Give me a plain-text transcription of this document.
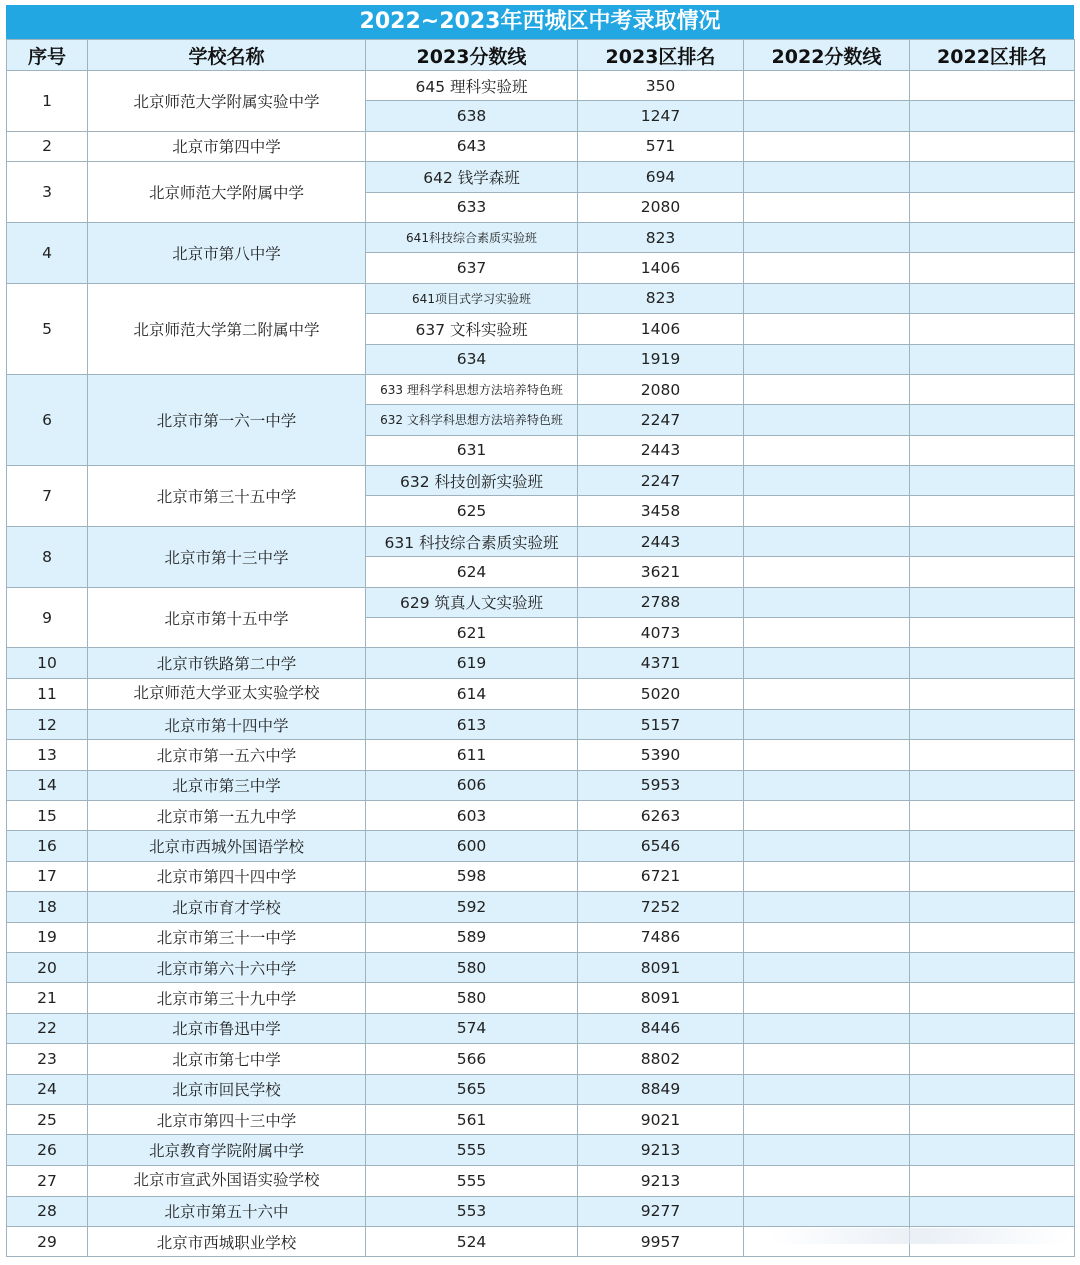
2022~2023年西城区中考录取情况
序号	学校名称	2023分数线	2023区排名	2022分数线	2022区排名
1	北京师范大学附属实验中学	645 理科实验班	350		
		638	1247		
2	北京市第四中学	643	571		
3	北京师范大学附属中学	642 钱学森班	694		
		633	2080		
4	北京市第八中学	641科技综合素质实验班	823		
		637	1406		
5	北京师范大学第二附属中学	641项目式学习实验班	823		
		637 文科实验班	1406		
		634	1919		
6	北京市第一六一中学	633 理科学科思想方法培养特色班	2080		
		632 文科学科思想方法培养特色班	2247		
		631	2443		
7	北京市第三十五中学	632 科技创新实验班	2247		
		625	3458		
8	北京市第十三中学	631 科技综合素质实验班	2443		
		624	3621		
9	北京市第十五中学	629 筑真人文实验班	2788		
		621	4073		
10	北京市铁路第二中学	619	4371		
11	北京师范大学亚太实验学校	614	5020		
12	北京市第十四中学	613	5157		
13	北京市第一五六中学	611	5390		
14	北京市第三中学	606	5953		
15	北京市第一五九中学	603	6263		
16	北京市西城外国语学校	600	6546		
17	北京市第四十四中学	598	6721		
18	北京市育才学校	592	7252		
19	北京市第三十一中学	589	7486		
20	北京市第六十六中学	580	8091		
21	北京市第三十九中学	580	8091		
22	北京市鲁迅中学	574	8446		
23	北京市第七中学	566	8802		
24	北京市回民学校	565	8849		
25	北京市第四十三中学	561	9021		
26	北京教育学院附属中学	555	9213		
27	北京市宣武外国语实验学校	555	9213		
28	北京市第五十六中	553	9277		
29	北京市西城职业学校	524	9957		
